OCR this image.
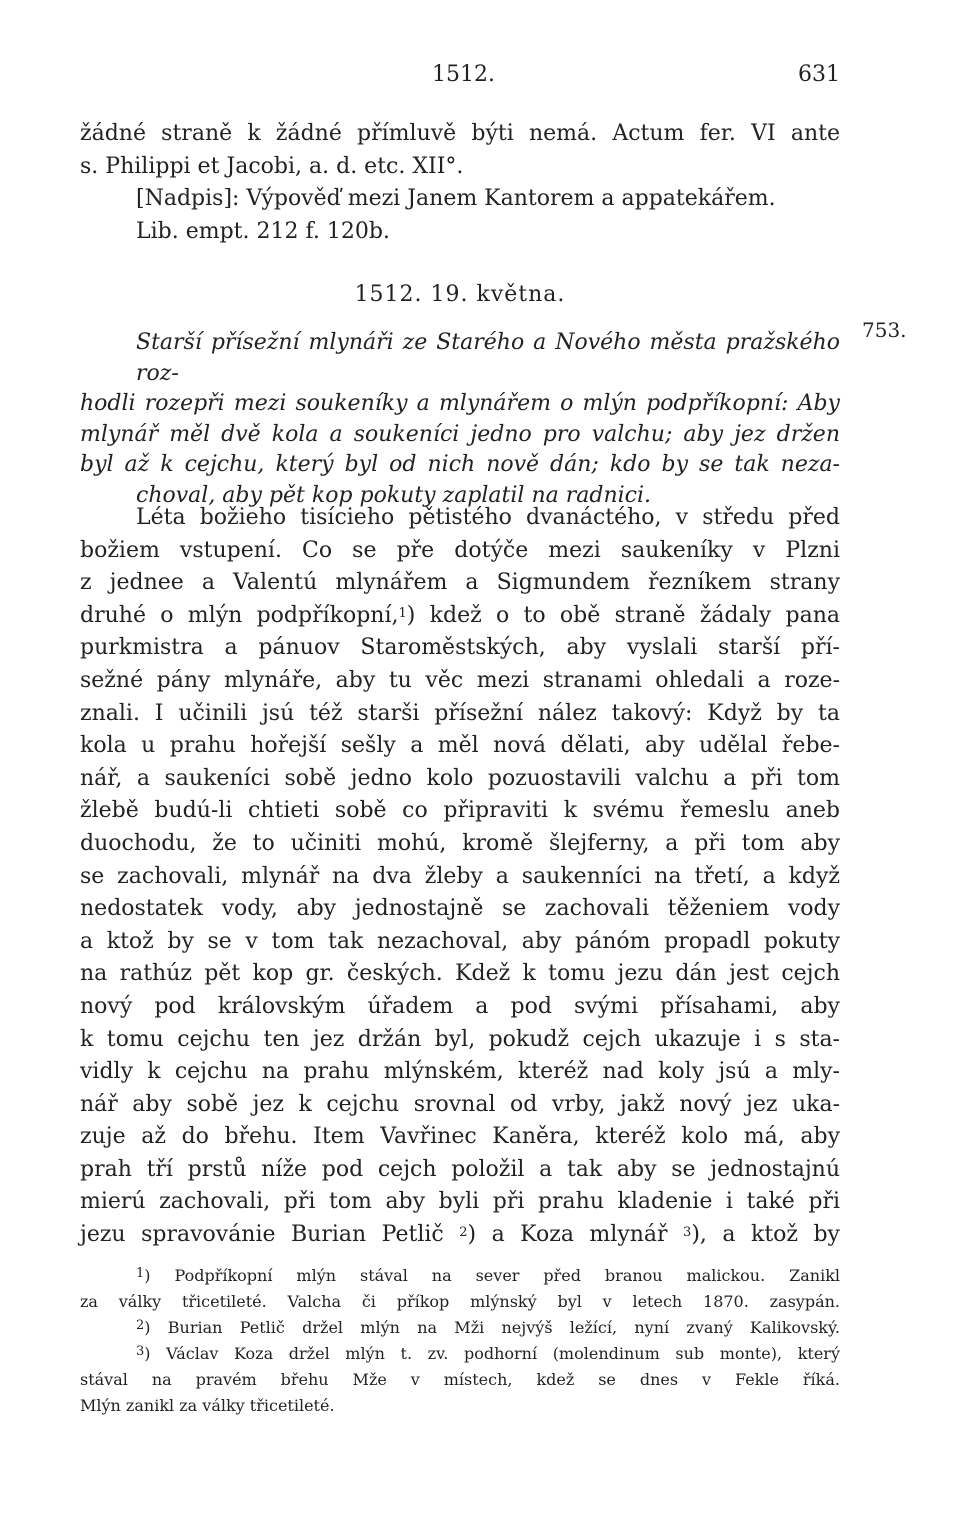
1512.	631
žádné straně k žádné přímluvě býti nemá. Actum fer. VI ante
s. Philippi et Jacobi, a. d. etc. XII°.
[Nadpis]: Výpověď mezi Janem Kantorem a appatekářem.
Lib. empt. 212 f. 120b.
1512. 19. května.
753.
Starší přísežní mlynáři ze Starého a Nového města pražského roz-
hodli rozepři mezi soukeníky a mlynářem o mlýn podpříkopní: Aby
mlynář měl dvě kola a soukeníci jedno pro valchu; aby jez držen
byl až k cejchu, který byl od nich nově dán; kdo by se tak neza-
choval, aby pět kop pokuty zaplatil na radnici.
Léta božieho tisícieho pětistého dvanáctého, v středu před
božiem vstupení. Co se pře dotýče mezi saukeníky v Plzni
z jednee a Valentú mlynářem a Sigmundem řezníkem strany
druhé o mlýn podpříkopní,$^1$) kdež o to obě straně žádaly pana
purkmistra a pánuov Staroměstských, aby vyslali starší pří-
sežné pány mlynáře, aby tu věc mezi stranami ohledali a roze-
znali. I učinili jsú též starši přísežní nález takový: Když by ta
kola u prahu hořejší sešly a měl nová dělati, aby udělal řebe-
nář, a saukeníci sobě jedno kolo pozuostavili valchu a při tom
žlebě budú-li chtieti sobě co připraviti k svému řemeslu aneb
duochodu, že to učiniti mohú, kromě šlejferny, a při tom aby
se zachovali, mlynář na dva žleby a saukenníci na třetí, a když
nedostatek vody, aby jednostajně se zachovali těženiem vody
a ktož by se v tom tak nezachoval, aby pánóm propadl pokuty
na rathúz pět kop gr. českých. Kdež k tomu jezu dán jest cejch
nový pod královským úřadem a pod svými přísahami, aby
k tomu cejchu ten jez držán byl, pokudž cejch ukazuje i s sta-
vidly k cejchu na prahu mlýnském, kteréž nad koly jsú a mly-
nář aby sobě jez k cejchu srovnal od vrby, jakž nový jez uka-
zuje až do břehu. Item Vavřinec Kaněra, kteréž kolo má, aby
prah tří prstů níže pod cejch položil a tak aby se jednostajnú
mierú zachovali, při tom aby byli při prahu kladenie i také při
jezu spravovánie Burian Petlič $^2$) a Koza mlynář $^3$), a ktož by
$^1$) Podpříkopní mlýn stával na sever před branou malickou. Zanikl
za války třicetileté. Valcha či příkop mlýnský byl v letech 1870. zasypán.
$^2$) Burian Petlič držel mlýn na Mži nejvýš ležící, nyní zvaný Kalikovský.
$^3$) Václav Koza držel mlýn t. zv. podhorní (molendinum sub monte), který
stával na pravém břehu Mže v místech, kdež se dnes v Fekle říká.
Mlýn zanikl za války třicetileté.
